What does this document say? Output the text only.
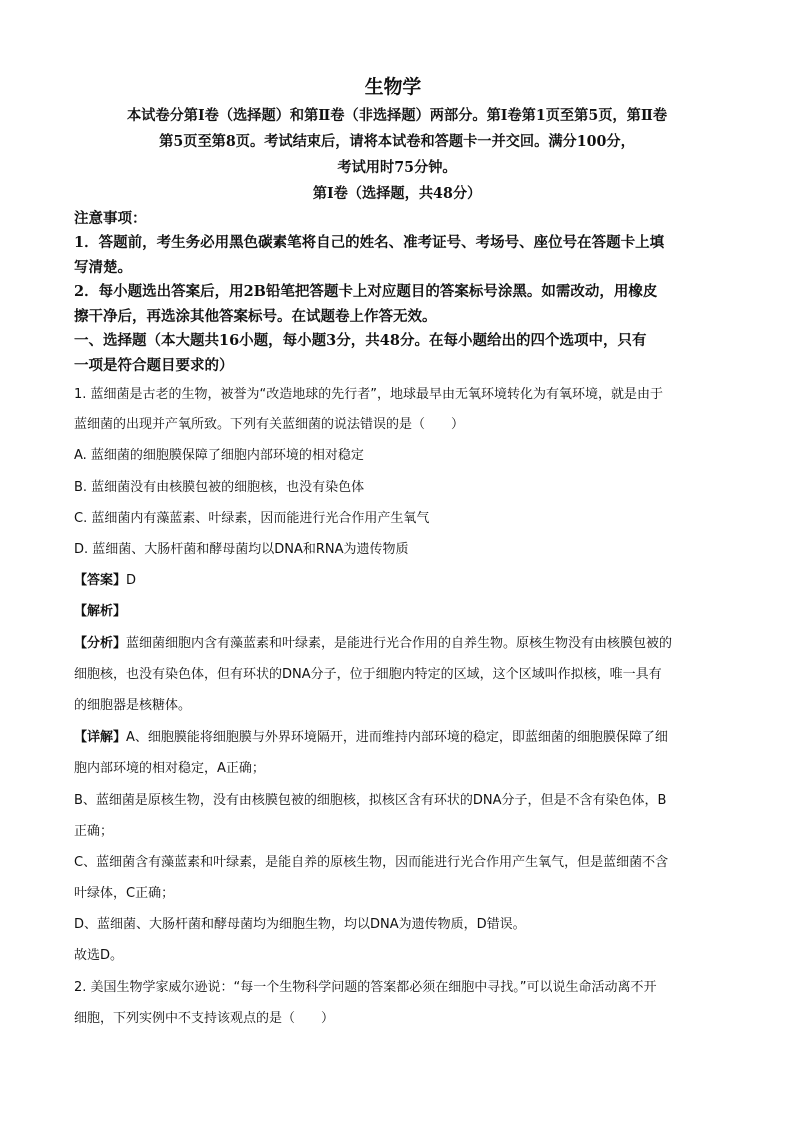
生物学
本试卷分第Ⅰ卷（选择题）和第Ⅱ卷（非选择题）两部分。第Ⅰ卷第1页至第5页，第Ⅱ卷
第5页至第8页。考试结束后，请将本试卷和答题卡一并交回。满分100分，
考试用时75分钟。
第Ⅰ卷（选择题，共48分）
注意事项：
1．答题前，考生务必用黑色碳素笔将自己的姓名、准考证号、考场号、座位号在答题卡上填
写清楚。
2．每小题选出答案后，用2B铅笔把答题卡上对应题目的答案标号涂黑。如需改动，用橡皮
擦干净后，再选涂其他答案标号。在试题卷上作答无效。
一、选择题（本大题共16小题，每小题3分，共48分。在每小题给出的四个选项中，只有
一项是符合题目要求的）
1. 蓝细菌是古老的生物，被誉为“改造地球的先行者”，地球最早由无氧环境转化为有氧环境，就是由于
蓝细菌的出现并产氧所致。下列有关蓝细菌的说法错误的是（　　）
A. 蓝细菌的细胞膜保障了细胞内部环境的相对稳定
B. 蓝细菌没有由核膜包被的细胞核，也没有染色体
C. 蓝细菌内有藻蓝素、叶绿素，因而能进行光合作用产生氧气
D. 蓝细菌、大肠杆菌和酵母菌均以DNA和RNA为遗传物质
【答案】D
【解析】
【分析】蓝细菌细胞内含有藻蓝素和叶绿素，是能进行光合作用的自养生物。原核生物没有由核膜包被的
细胞核，也没有染色体，但有环状的DNA分子，位于细胞内特定的区域，这个区域叫作拟核，唯一具有
的细胞器是核糖体。
【详解】A、细胞膜能将细胞膜与外界环境隔开，进而维持内部环境的稳定，即蓝细菌的细胞膜保障了细
胞内部环境的相对稳定，A正确；
B、蓝细菌是原核生物，没有由核膜包被的细胞核，拟核区含有环状的DNA分子，但是不含有染色体，B
正确；
C、蓝细菌含有藻蓝素和叶绿素，是能自养的原核生物，因而能进行光合作用产生氧气，但是蓝细菌不含
叶绿体，C正确；
D、蓝细菌、大肠杆菌和酵母菌均为细胞生物，均以DNA为遗传物质，D错误。
故选D。
2. 美国生物学家威尔逊说：“每一个生物科学问题的答案都必须在细胞中寻找。”可以说生命活动离不开
细胞，下列实例中不支持该观点的是（　　）
